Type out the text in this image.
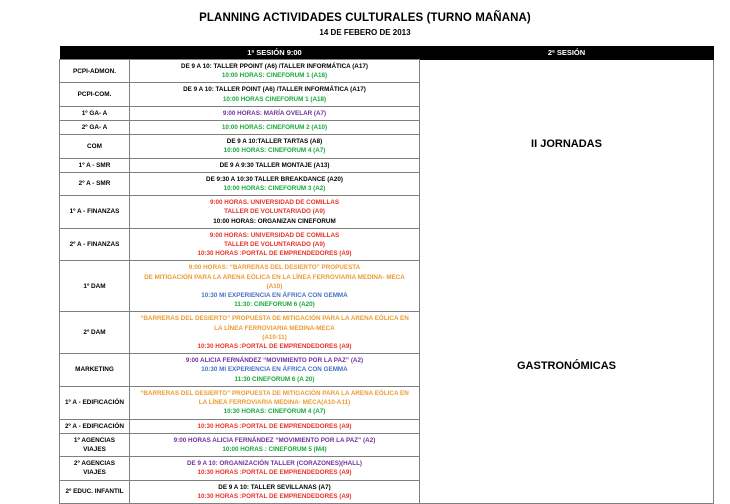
PLANNING ACTIVIDADES CULTURALES (TURNO MAÑANA)
14 DE FEBERO DE 2013
	1ª SESIÓN 9:00	2ª SESIÓN
PCPI-ADMON.	DE 9 A 10: TALLER PPOINT (A6) /TALLER INFORMÁTICA (A17)
10:00 HORAS: CINEFORUM 1 (A18)	II JORNADAS

PCPI-COM.	DE 9 A 10: TALLER POINT (A6) /TALLER INFORMÁTICA (A17)
10:00 HORAS CINEFORUM 1 (A18)	

1º GA- A	9:00 HORAS: MARÍA OVELAR (A7)	

2º GA- A	10:00 HORAS: CINEFORUM 2 (A10)	

COM	DE 9 A 10:TALLER TARTAS (A8)
10:00 HORAS: CINEFORUM 4 (A7)	

1º A - SMR	DE 9 A 9:30 TALLER MONTAJE (A13)	

2º A - SMR	DE 9:30 A 10:30 TALLER BREAKDANCE (A20)
10:00 HORAS: CINEFORUM 3 (A2)	

1º A - FINANZAS	9:00 HORAS. UNIVERSIDAD DE COMILLAS
TALLER DE VOLUNTARIADO (A9)
10:00 HORAS: ORGANIZAN CINEFORUM	

2º A - FINANZAS	9:00 HORAS: UNIVERSIDAD DE COMILLAS
TALLER DE VOLUNTARIADO (A9)
10:30 HORAS :PORTAL DE EMPRENDEDORES (A9)	GASTRONÓMICAS

1º DAM	9:00 HORAS: “BARRERAS DEL DESIERTO” PROPUESTA
DE MITIGACIÓN PARA LA ARENA EÓLICA EN LA LÍNEA FERROVIARIA MEDINA- MECA
(A10)
10:30 MI EXPERIENCIA EN ÁFRICA CON GEMMA
11:30: CINEFORUM 6 (A20)	

2º DAM	“BARRERAS DEL DESIERTO” PROPUESTA DE MITIGACIÓN PARA LA ARENA EÓLICA EN
LA LÍNEA FERROVIARIA MEDINA-MECA
(A10-11)
10:30 HORAS :PORTAL DE EMPRENDEDORES (A9)	

MARKETING	9:00 ALICIA FERNÁNDEZ “MOVIMIENTO POR LA PAZ” (A2)
10:30 MI EXPERIENCIA EN ÁFRICA CON GEMMA
11:30 CINEFORUM 6 (A 20)	

1º A - EDIFICACIÓN	“BARRERAS DEL DESIERTO” PROPUESTA DE MITIGACIÓN PARA LA ARENA EÓLICA EN
LA LÍNEA FERROVIARIA MEDINA- MECA(A10-A11)
10:30 HORAS: CINEFORUM 4 (A7)	

2º A - EDIFICACIÓN	10:30 HORAS :PORTAL DE EMPRENDEDORES (A9)	

1º AGENCIAS VIAJES	9:00 HORAS ALICIA FERNÁNDEZ “MOVIMIENTO POR LA PAZ” (A2)
10:00 HORAS : CINEFORUM 5 (M4)	

2º AGENCIAS VIAJES	DE 9 A 10: ORGANIZACIÓN TALLER (CORAZONES)(HALL)
10:30 HORAS :PORTAL DE EMPRENDEDORES (A9)	

2º EDUC. INFANTIL	DE 9 A 10: TALLER SEVILLANAS (A7)
10:30 HORAS :PORTAL DE EMPRENDEDORES (A9)	
